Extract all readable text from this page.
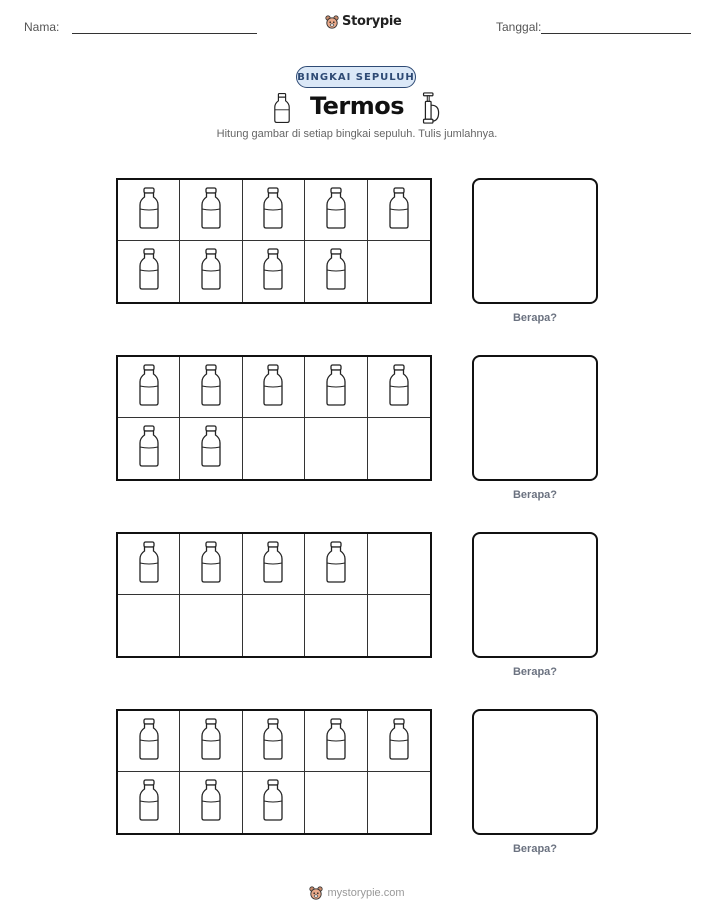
Nama:	Storypie	Tanggal:
BINGKAI SEPULUH
Termos
Hitung gambar di setiap bingkai sepuluh. Tulis jumlahnya.
Berapa?
Berapa?
Berapa?
Berapa?
mystorypie.com
